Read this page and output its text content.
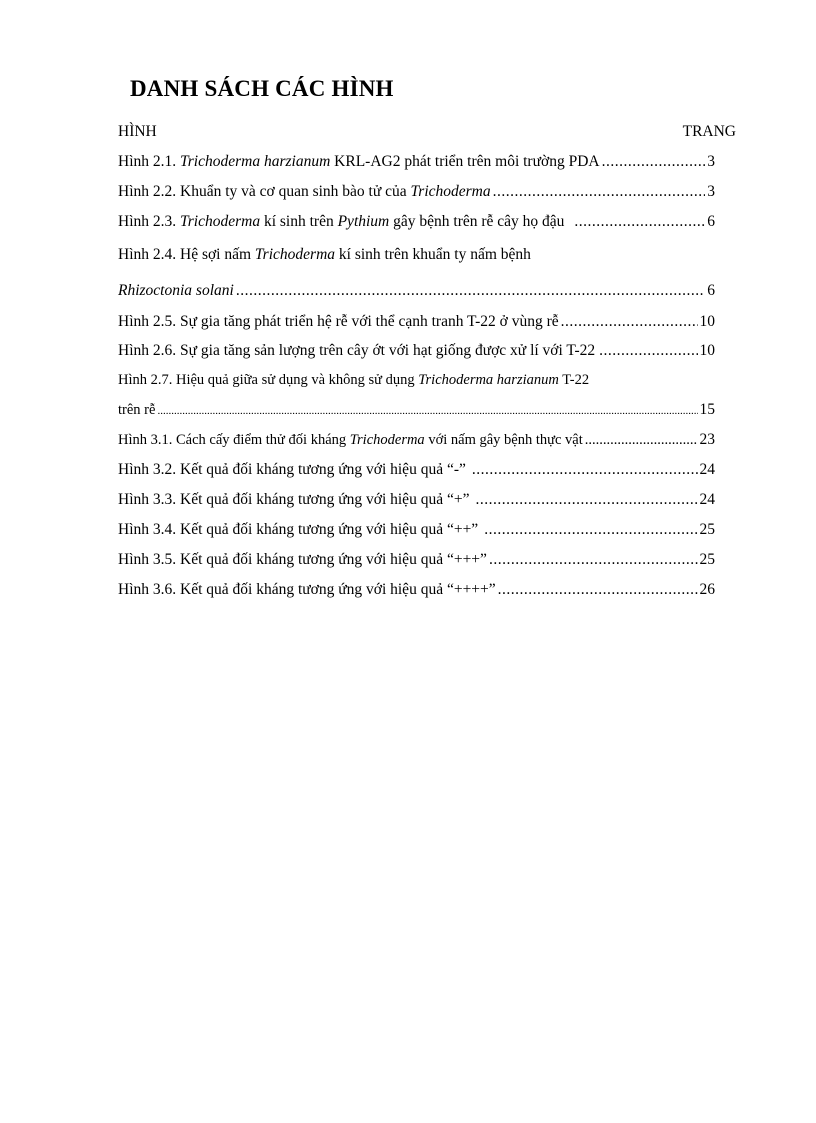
DANH SÁCH CÁC HÌNH
HÌNH	TRANG
Hình 2.1. Trichoderma harzianum KRL-AG2 phát triển trên môi trường PDA .....	3
Hình 2.2. Khuẩn ty và cơ quan sinh bào tử của Trichoderma .....	3
Hình 2.3. Trichoderma kí sinh trên Pythium gây bệnh trên rễ cây họ đậu .....	6
Hình 2.4. Hệ sợi nấm Trichoderma kí sinh trên khuẩn ty nấm bệnh
Rhizoctonia solani .....	6
Hình 2.5. Sự gia tăng phát triển hệ rễ với thể cạnh tranh T-22 ở vùng rễ .....	10
Hình 2.6. Sự gia tăng sản lượng trên cây ớt với hạt giống được xử lí với T-22 .....	10
Hình 2.7. Hiệu quả giữa sử dụng và không sử dụng Trichoderma harzianum T-22
trên rễ .....	15
Hình 3.1. Cách cấy điểm thử đối kháng Trichoderma với nấm gây bệnh thực vật .....	23
Hình 3.2. Kết quả đối kháng tương ứng với hiệu quả “-” .....	24
Hình 3.3. Kết quả đối kháng tương ứng với hiệu quả “+” .....	24
Hình 3.4. Kết quả đối kháng tương ứng với hiệu quả “++” .....	25
Hình 3.5. Kết quả đối kháng tương ứng với hiệu quả “+++” .....	25
Hình 3.6. Kết quả đối kháng tương ứng với hiệu quả “++++” .....	26
